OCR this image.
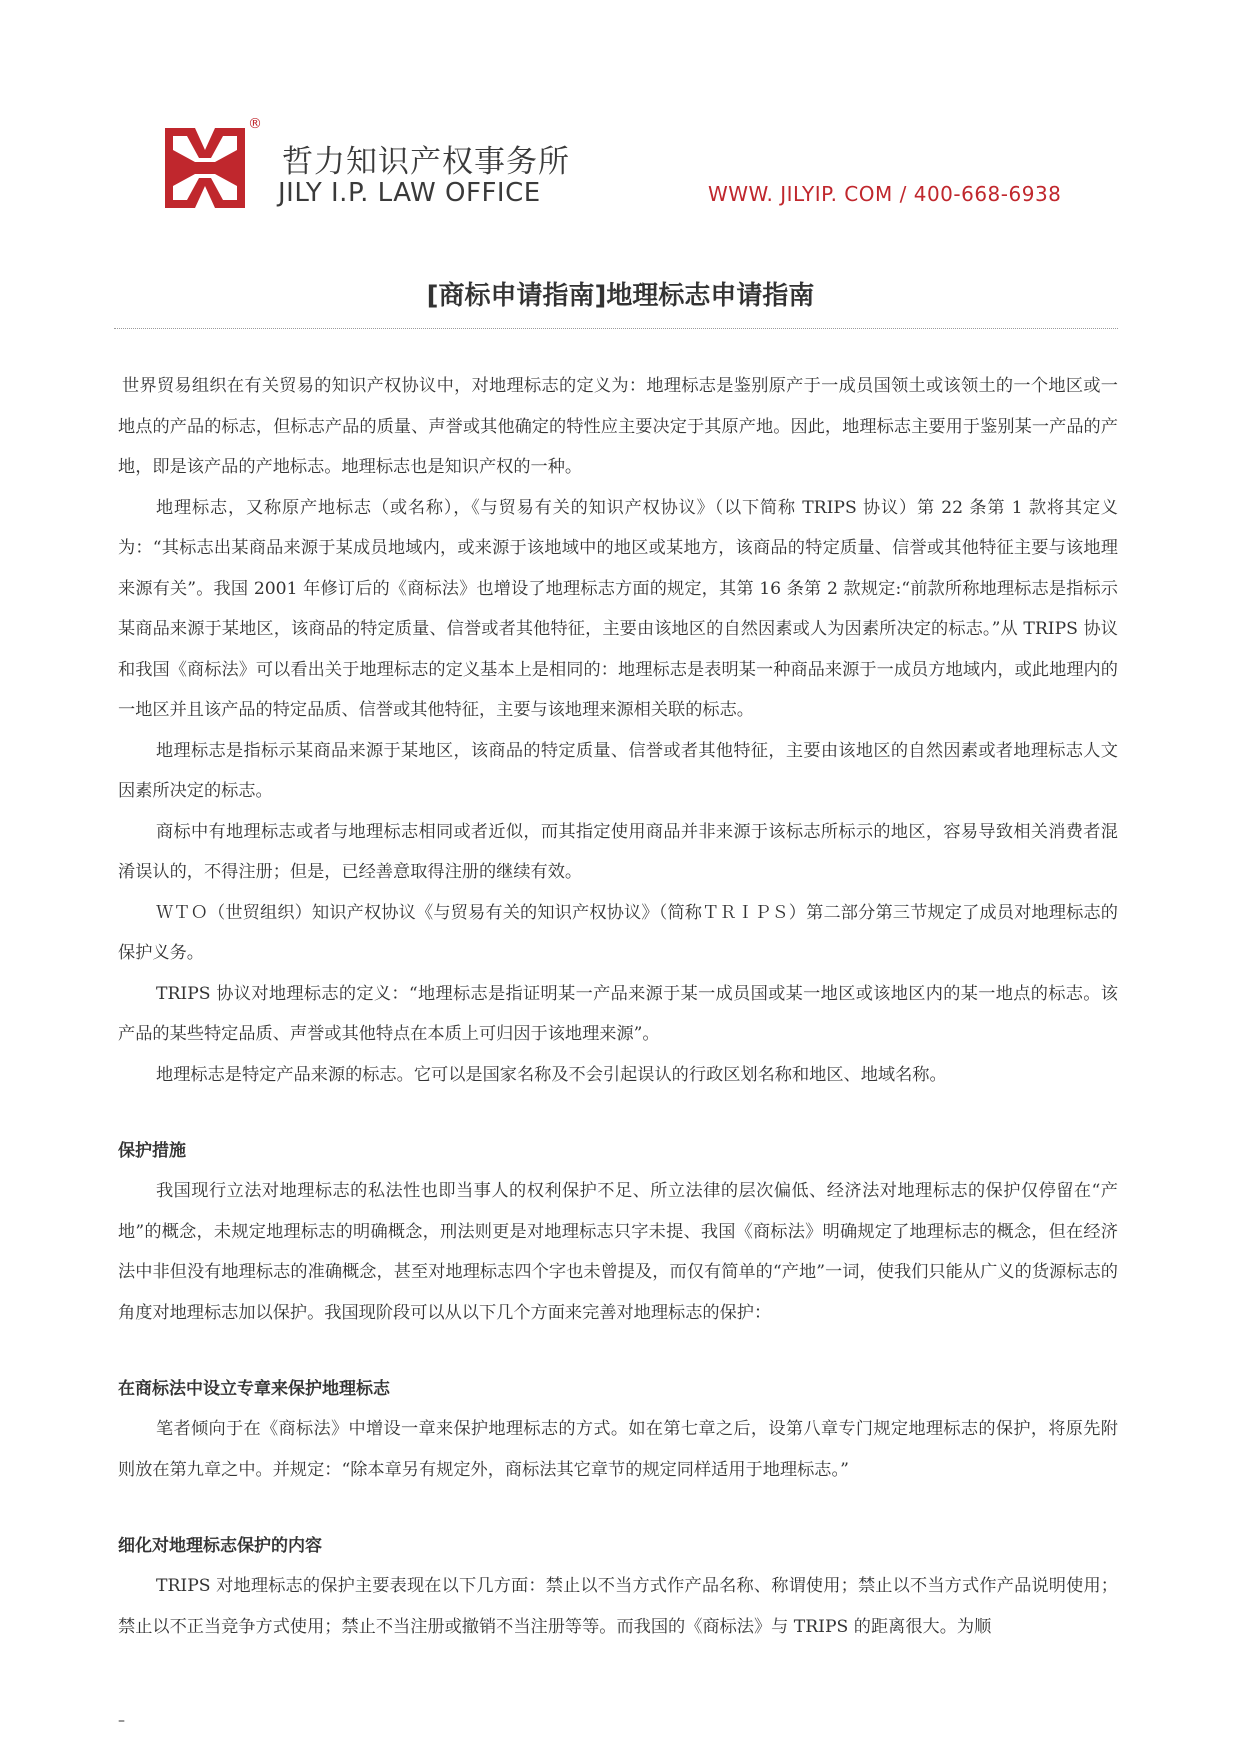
®
哲力知识产权事务所
JILY I.P. LAW OFFICE	WWW. JILYIP. COM / 400-668-6938
[商标申请指南]地理标志申请指南

世界贸易组织在有关贸易的知识产权协议中，对地理标志的定义为：地理标志是鉴别原产于一成员国领土或该领土的一个地区或一地点的产品的标志，但标志产品的质量、声誉或其他确定的特性应主要决定于其原产地。因此，地理标志主要用于鉴别某一产品的产地，即是该产品的产地标志。地理标志也是知识产权的一种。

地理标志，又称原产地标志（或名称），《与贸易有关的知识产权协议》（以下简称 TRIPS 协议）第 22 条第 1 款将其定义为：“其标志出某商品来源于某成员地域内，或来源于该地域中的地区或某地方，该商品的特定质量、信誉或其他特征主要与该地理来源有关”。我国 2001 年修订后的《商标法》也增设了地理标志方面的规定，其第 16 条第 2 款规定:“前款所称地理标志是指标示某商品来源于某地区，该商品的特定质量、信誉或者其他特征，主要由该地区的自然因素或人为因素所决定的标志。”从 TRIPS 协议和我国《商标法》可以看出关于地理标志的定义基本上是相同的：地理标志是表明某一种商品来源于一成员方地域内，或此地理内的一地区并且该产品的特定品质、信誉或其他特征，主要与该地理来源相关联的标志。

地理标志是指标示某商品来源于某地区，该商品的特定质量、信誉或者其他特征，主要由该地区的自然因素或者地理标志人文因素所决定的标志。

商标中有地理标志或者与地理标志相同或者近似，而其指定使用商品并非来源于该标志所标示的地区，容易导致相关消费者混淆误认的，不得注册；但是，已经善意取得注册的继续有效。

ＷＴＯ（世贸组织）知识产权协议《与贸易有关的知识产权协议》（简称ＴＲＩＰＳ）第二部分第三节规定了成员对地理标志的保护义务。

TRIPS 协议对地理标志的定义：“地理标志是指证明某一产品来源于某一成员国或某一地区或该地区内的某一地点的标志。该产品的某些特定品质、声誉或其他特点在本质上可归因于该地理来源”。

地理标志是特定产品来源的标志。它可以是国家名称及不会引起误认的行政区划名称和地区、地域名称。

保护措施

我国现行立法对地理标志的私法性也即当事人的权利保护不足、所立法律的层次偏低、经济法对地理标志的保护仅停留在“产地”的概念，未规定地理标志的明确概念，刑法则更是对地理标志只字未提、我国《商标法》明确规定了地理标志的概念，但在经济法中非但没有地理标志的准确概念，甚至对地理标志四个字也未曾提及，而仅有简单的“产地”一词，使我们只能从广义的货源标志的角度对地理标志加以保护。我国现阶段可以从以下几个方面来完善对地理标志的保护：

在商标法中设立专章来保护地理标志

笔者倾向于在《商标法》中增设一章来保护地理标志的方式。如在第七章之后，设第八章专门规定地理标志的保护，将原先附则放在第九章之中。并规定：“除本章另有规定外，商标法其它章节的规定同样适用于地理标志。”

细化对地理标志保护的内容

TRIPS 对地理标志的保护主要表现在以下几方面：禁止以不当方式作产品名称、称谓使用；禁止以不当方式作产品说明使用；禁止以不正当竞争方式使用；禁止不当注册或撤销不当注册等等。而我国的《商标法》与 TRIPS 的距离很大。为顺

–
